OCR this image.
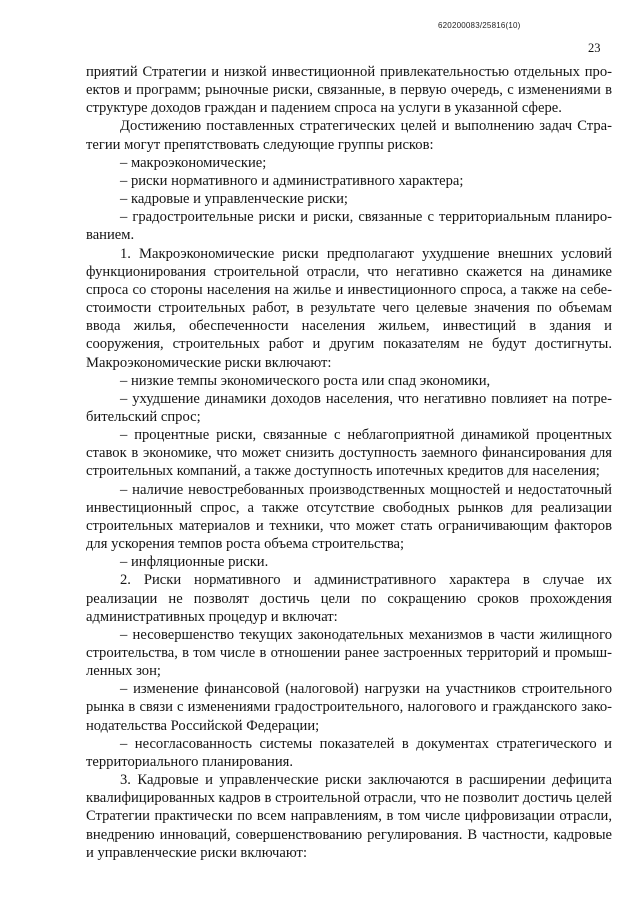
620200083/25816(10)
23

приятий Стратегии и низкой инвестиционной привлекательностью отдельных проектов и программ; рыночные риски, связанные, в первую очередь, с изменениями в структуре доходов граждан и падением спроса на услуги в указанной сфере.

Достижению поставленных стратегических целей и выполнению задач Стратегии могут препятствовать следующие группы рисков:

– макроэкономические;

– риски нормативного и административного характера;

– кадровые и управленческие риски;

– градостроительные риски и риски, связанные с территориальным планированием.

1. Макроэкономические риски предполагают ухудшение внешних условий функционирования строительной отрасли, что негативно скажется на динамике спроса со стороны населения на жилье и инвестиционного спроса, а также на себестоимости строительных работ, в результате чего целевые значения по объемам ввода жилья, обеспеченности населения жильем, инвестиций в здания и сооружения, строительных работ и другим показателям не будут достигнуты. Макроэкономические риски включают:

– низкие темпы экономического роста или спад экономики,

– ухудшение динамики доходов населения, что негативно повлияет на потребительский спрос;

– процентные риски, связанные с неблагоприятной динамикой процентных ставок в экономике, что может снизить доступность заемного финансирования для строительных компаний, а также доступность ипотечных кредитов для населения;

– наличие невостребованных производственных мощностей и недостаточный инвестиционный спрос, а также отсутствие свободных рынков для реализации строительных материалов и техники, что может стать ограничивающим факторов для ускорения темпов роста объема строительства;

– инфляционные риски.

2. Риски нормативного и административного характера в случае их реализации не позволят достичь цели по сокращению сроков прохождения административных процедур и включат:

– несовершенство текущих законодательных механизмов в части жилищного строительства, в том числе в отношении ранее застроенных территорий и промышленных зон;

– изменение финансовой (налоговой) нагрузки на участников строительного рынка в связи с изменениями градостроительного, налогового и гражданского законодательства Российской Федерации;

– несогласованность системы показателей в документах стратегического и территориального планирования.

3. Кадровые и управленческие риски заключаются в расширении дефицита квалифицированных кадров в строительной отрасли, что не позволит достичь целей Стратегии практически по всем направлениям, в том числе цифровизации отрасли, внедрению инноваций, совершенствованию регулирования. В частности, кадровые и управленческие риски включают:
